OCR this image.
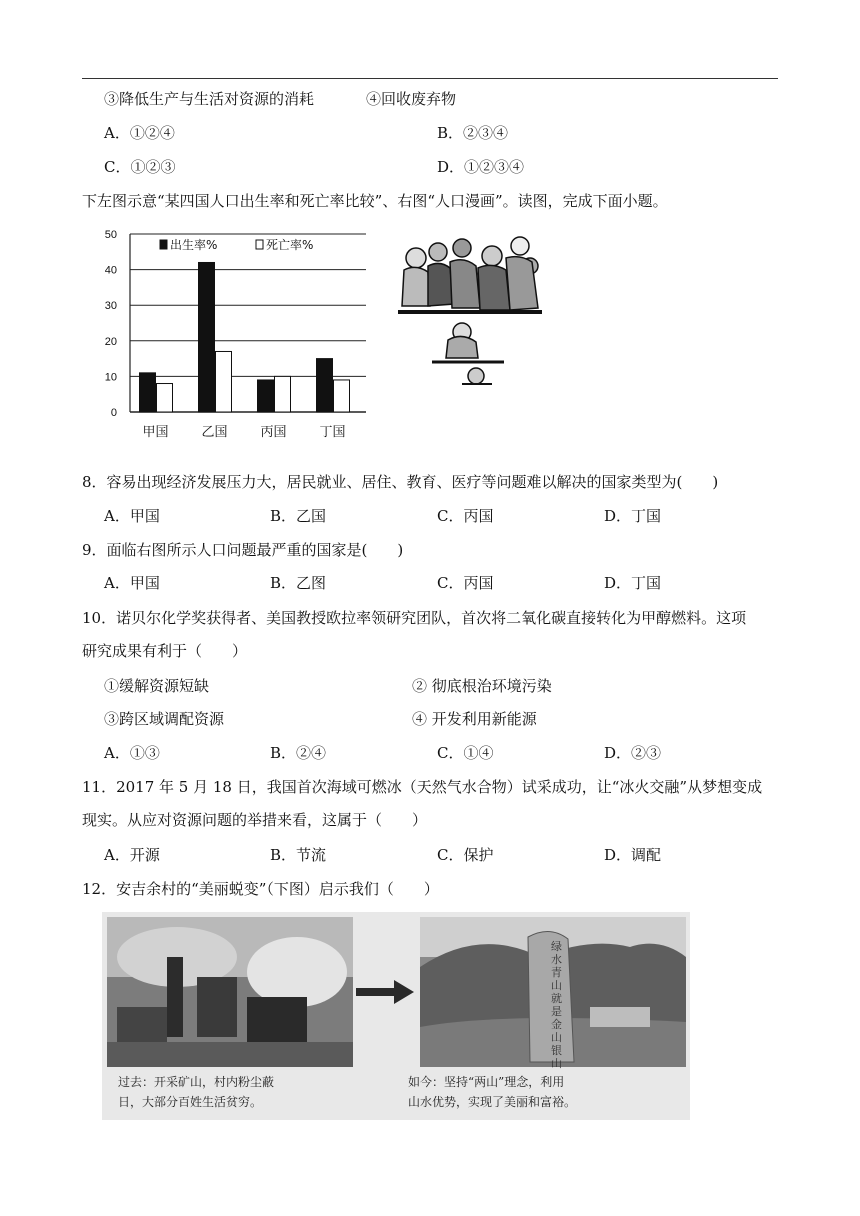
③降低生产与生活对资源的消耗	④回收废弃物
A．①②④	B．②③④
C．①②③	D．①②③④
下左图示意“某四国人口出生率和死亡率比较”、右图“人口漫画”。读图，完成下面小题。
50
40
30
20
10
0
甲国	乙国	丙国	丁国
出生率%	死亡率%
8．容易出现经济发展压力大，居民就业、居住、教育、医疗等问题难以解决的国家类型为(　　)
A．甲国	B．乙国	C．丙国	D．丁国
9．面临右图所示人口问题最严重的国家是(　　)
A．甲国	B．乙图	C．丙国	D．丁国
10．诺贝尔化学奖获得者、美国教授欧拉率领研究团队，首次将二氧化碳直接转化为甲醇燃料。这项
研究成果有利于（　　）
①缓解资源短缺	② 彻底根治环境污染
③跨区域调配资源	④ 开发利用新能源
A．①③	B．②④	C．①④	D．②③
11．2017 年 5 月 18 日，我国首次海域可燃冰（天然气水合物）试采成功，让“冰火交融”从梦想变成
现实。从应对资源问题的举措来看，这属于（　　）
A．开源	B．节流	C．保护	D．调配
12．安吉余村的“美丽蜕变”（下图）启示我们（　　）
绿水青山就是金山银山
过去：开采矿山，村内粉尘蔽
日，大部分百姓生活贫穷。
如今：坚持“两山”理念，利用
山水优势，实现了美丽和富裕。
